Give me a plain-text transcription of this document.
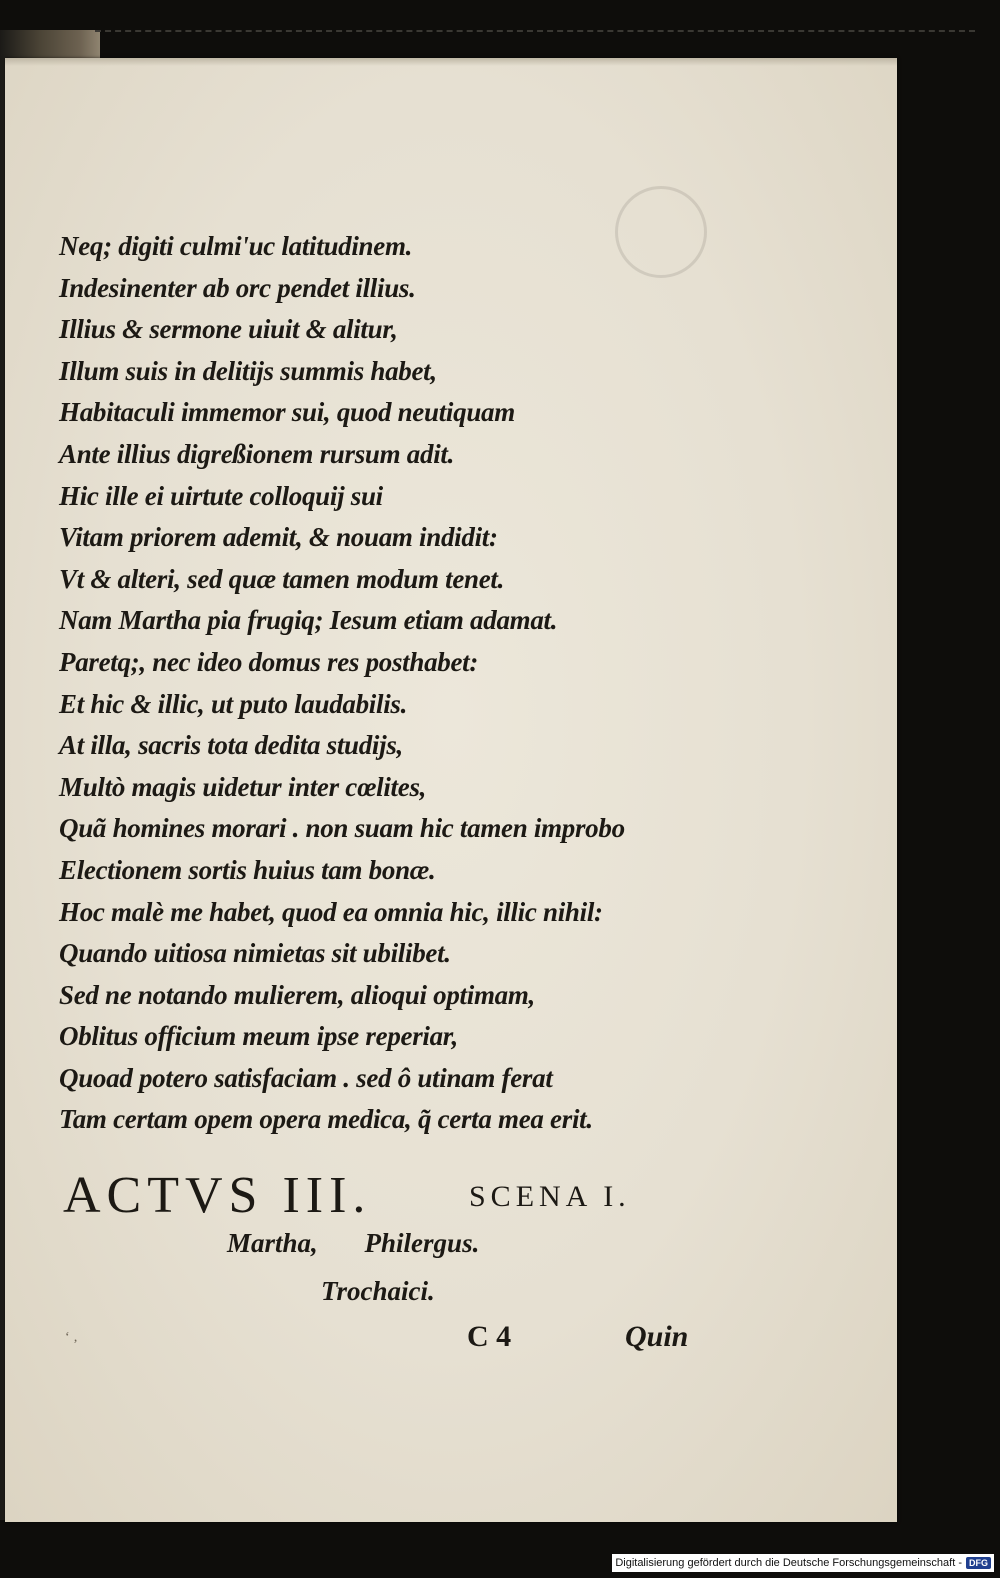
Neq; digiti culmi'uc latitudinem.
Indesinenter ab orc pendet illius.
Illius & sermone uiuit & alitur,
Illum suis in delitijs summis habet,
Habitaculi immemor sui, quod neutiquam
Ante illius digreßionem rursum adit.
Hic ille ei uirtute colloquij sui
Vitam priorem ademit, & nouam indidit:
Vt & alteri, sed quæ tamen modum tenet.
Nam Martha pia frugiq; Iesum etiam adamat.
Paretq;, nec ideo domus res posthabet:
Et hic & illic, ut puto laudabilis.
At illa, sacris tota dedita studijs,
Multò magis uidetur inter cœlites,
Quã homines morari . non suam hic tamen improbo
Electionem sortis huius tam bonæ.
Hoc malè me habet, quod ea omnia hic, illic nihil:
Quando uitiosa nimietas sit ubilibet.
Sed ne notando mulierem, alioqui optimam,
Oblitus officium meum ipse reperiar,
Quoad potero satisfaciam . sed ô utinam ferat
Tam certam opem opera medica, q̃ certa mea erit.
ACTVS III.	SCENA I.
Martha, Philergus.
Trochaici.
‘ ‚	C 4	Quin
Digitalisierung gefördert durch die Deutsche Forschungsgemeinschaft - DFG
